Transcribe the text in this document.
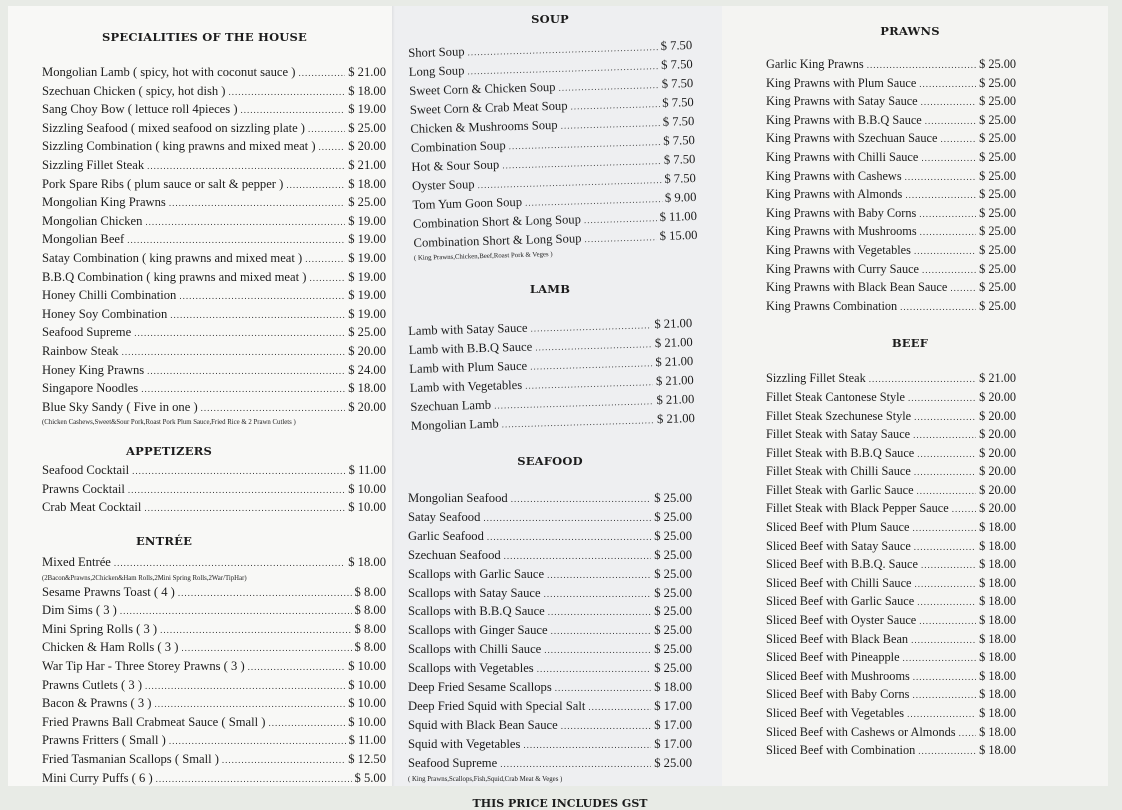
SPECIALITIES OF THE HOUSE
Mongolian Lamb ( spicy, hot with coconut sauce ) .....	$ 21.00
Szechuan Chicken ( spicy, hot dish ) .....	$ 18.00
Sang Choy Bow ( lettuce roll 4pieces ) .....	$ 19.00
Sizzling Seafood ( mixed seafood on sizzling plate ) .....	$ 25.00
Sizzling Combination ( king prawns and mixed meat ) .....	$ 20.00
Sizzling Fillet Steak .....	$ 21.00
Pork Spare Ribs ( plum sauce or salt & pepper ) .....	$ 18.00
Mongolian King Prawns .....	$ 25.00
Mongolian Chicken .....	$ 19.00
Mongolian Beef .....	$ 19.00
Satay Combination ( king prawns and mixed meat ) .....	$ 19.00
B.B.Q Combination ( king prawns and mixed meat ) .....	$ 19.00
Honey Chilli Combination .....	$ 19.00
Honey Soy Combination .....	$ 19.00
Seafood Supreme .....	$ 25.00
Rainbow Steak .....	$ 20.00
Honey King Prawns .....	$ 24.00
Singapore Noodles .....	$ 18.00
Blue Sky Sandy ( Five in one ) .....	$ 20.00
(Chicken Cashews,Sweet&Sour Pork,Roast Pork Plum Sauce,Fried Rice & 2 Prawn Cutlets )
APPETIZERS
Seafood Cocktail .....	$ 11.00
Prawns Cocktail .....	$ 10.00
Crab Meat Cocktail .....	$ 10.00
ENTRÉE
Mixed Entrée .....	$ 18.00
(2Bacon&Prawns,2Chicken&Ham Rolls,2Mini Spring Rolls,2War/TipHar)
Sesame Prawns Toast ( 4 ) .....	$ 8.00
Dim Sims ( 3 ) .....	$ 8.00
Mini Spring Rolls ( 3 ) .....	$ 8.00
Chicken & Ham Rolls ( 3 ) .....	$ 8.00
War Tip Har - Three Storey Prawns ( 3 ) .....	$ 10.00
Prawns Cutlets ( 3 ) .....	$ 10.00
Bacon & Prawns ( 3 ) .....	$ 10.00
Fried Prawns Ball Crabmeat Sauce ( Small ) .....	$ 10.00
Prawns Fritters ( Small ) .....	$ 11.00
Fried Tasmanian Scallops ( Small ) .....	$ 12.50
Mini Curry Puffs ( 6 ) .....	$ 5.00
SOUP
Short Soup .....	$ 7.50
Long Soup .....	$ 7.50
Sweet Corn & Chicken Soup .....	$ 7.50
Sweet Corn & Crab Meat Soup .....	$ 7.50
Chicken & Mushrooms Soup .....	$ 7.50
Combination Soup .....	$ 7.50
Hot & Sour Soup .....	$ 7.50
Oyster Soup .....	$ 7.50
Tom Yum Goon Soup .....	$ 9.00
Combination Short & Long Soup .....	$ 11.00
Combination Short & Long Soup .....	$ 15.00
( King Prawns,Chicken,Beef,Roast Pork & Veges )
LAMB
Lamb with Satay Sauce .....	$ 21.00
Lamb with B.B.Q Sauce .....	$ 21.00
Lamb with Plum Sauce .....	$ 21.00
Lamb with Vegetables .....	$ 21.00
Szechuan Lamb .....	$ 21.00
Mongolian Lamb .....	$ 21.00
SEAFOOD
Mongolian Seafood .....	$ 25.00
Satay Seafood .....	$ 25.00
Garlic Seafood .....	$ 25.00
Szechuan Seafood .....	$ 25.00
Scallops with Garlic Sauce .....	$ 25.00
Scallops with Satay Sauce .....	$ 25.00
Scallops with B.B.Q Sauce .....	$ 25.00
Scallops with Ginger Sauce .....	$ 25.00
Scallops with Chilli Sauce .....	$ 25.00
Scallops with Vegetables .....	$ 25.00
Deep Fried Sesame Scallops .....	$ 18.00
Deep Fried Squid with Special Salt .....	$ 17.00
Squid with Black Bean Sauce .....	$ 17.00
Squid with Vegetables .....	$ 17.00
Seafood Supreme .....	$ 25.00
( King Prawns,Scallops,Fish,Squid,Crab Meat & Veges )
THIS PRICE INCLUDES GST
PRAWNS
Garlic King Prawns .....	$ 25.00
King Prawns with Plum Sauce .....	$ 25.00
King Prawns with Satay Sauce .....	$ 25.00
King Prawns with B.B.Q Sauce .....	$ 25.00
King Prawns with Szechuan Sauce .....	$ 25.00
King Prawns with Chilli Sauce .....	$ 25.00
King Prawns with Cashews .....	$ 25.00
King Prawns with Almonds .....	$ 25.00
King Prawns with Baby Corns .....	$ 25.00
King Prawns with Mushrooms .....	$ 25.00
King Prawns with Vegetables .....	$ 25.00
King Prawns with Curry Sauce .....	$ 25.00
King Prawns with Black Bean Sauce .....	$ 25.00
King Prawns Combination .....	$ 25.00
BEEF
Sizzling Fillet Steak .....	$ 21.00
Fillet Steak Cantonese Style .....	$ 20.00
Fillet Steak Szechunese Style .....	$ 20.00
Fillet Steak with Satay Sauce .....	$ 20.00
Fillet Steak with B.B.Q Sauce .....	$ 20.00
Fillet Steak with Chilli Sauce .....	$ 20.00
Fillet Steak with Garlic Sauce .....	$ 20.00
Fillet Steak with Black Pepper Sauce ..... $ 20.00
Sliced Beef with Plum Sauce .....	$ 18.00
Sliced Beef with Satay Sauce .....	$ 18.00
Sliced Beef with B.B.Q. Sauce .....	$ 18.00
Sliced Beef with Chilli Sauce .....	$ 18.00
Sliced Beef with Garlic Sauce .....	$ 18.00
Sliced Beef with Oyster Sauce .....	$ 18.00
Sliced Beef with Black Bean .....	$ 18.00
Sliced Beef with Pineapple .....	$ 18.00
Sliced Beef with Mushrooms .....	$ 18.00
Sliced Beef with Baby Corns .....	$ 18.00
Sliced Beef with Vegetables .....	$ 18.00
Sliced Beef with Cashews or Almonds ..... $ 18.00
Sliced Beef with Combination .....	$ 18.00
